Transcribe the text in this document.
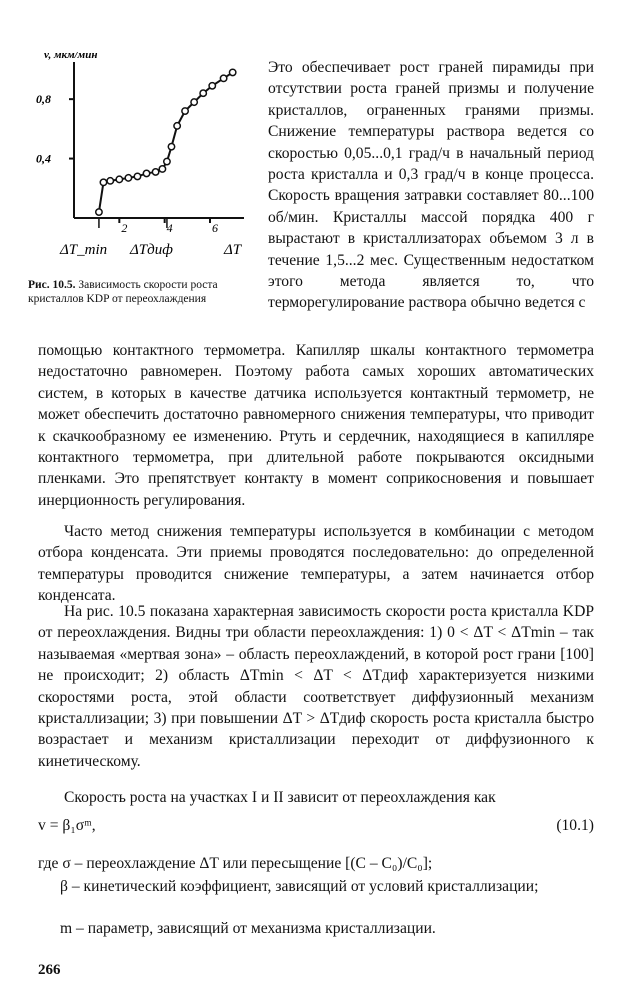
v, мкм/мин
0,8
0,4
2	4	6
ΔT_min ΔTдиф	ΔT
Рис. 10.5. Зависимость скорости роста кристаллов KDP от переохлаждения
Это обеспечивает рост граней пирамиды при отсутствии роста граней призмы и получение кристаллов, ограненных гранями призмы. Снижение температуры раствора ведется со скоростью 0,05...0,1 град/ч в начальный период роста кристалла и 0,3 град/ч в конце процесса. Скорость вращения затравки составляет 80...100 об/мин. Кристаллы массой порядка 400 г вырастают в кристаллизаторах объемом 3 л в течение 1,5...2 мес. Существенным недостатком этого метода является то, что терморегулирование раствора обычно ведется с
помощью контактного термометра. Капилляр шкалы контактного термометра недостаточно равномерен. Поэтому работа самых хороших автоматических систем, в которых в качестве датчика используется контактный термометр, не может обеспечить достаточно равномерного снижения температуры, что приводит к скачкообразному ее изменению. Ртуть и сердечник, находящиеся в капилляре контактного термометра, при длительной работе покрываются оксидными пленками. Это препятствует контакту в момент соприкосновения и повышает инерционность регулирования.
Часто метод снижения температуры используется в комбинации с методом отбора конденсата. Эти приемы проводятся последовательно: до определенной температуры проводится снижение температуры, а затем начинается отбор конденсата.
На рис. 10.5 показана характерная зависимость скорости роста кристалла KDP от переохлаждения. Видны три области переохлаждения: 1) 0 < ΔT < ΔTmin – так называемая «мертвая зона» – область переохлаждений, в которой рост грани [100] не происходит; 2) область ΔTmin < ΔT < ΔTдиф характеризуется низкими скоростями роста, этой области соответствует диффузионный механизм кристаллизации; 3) при повышении ΔT > ΔTдиф скорость роста кристалла быстро возрастает и механизм кристаллизации переходит от диффузионного к кинетическому.
Скорость роста на участках I и II зависит от переохлаждения как
v = β₁σᵐ,	(10.1)
где σ – переохлаждение ΔT или пересыщение [(C – C₀)/C₀];
β – кинетический коэффициент, зависящий от условий кристаллизации;
m – параметр, зависящий от механизма кристаллизации.
266
